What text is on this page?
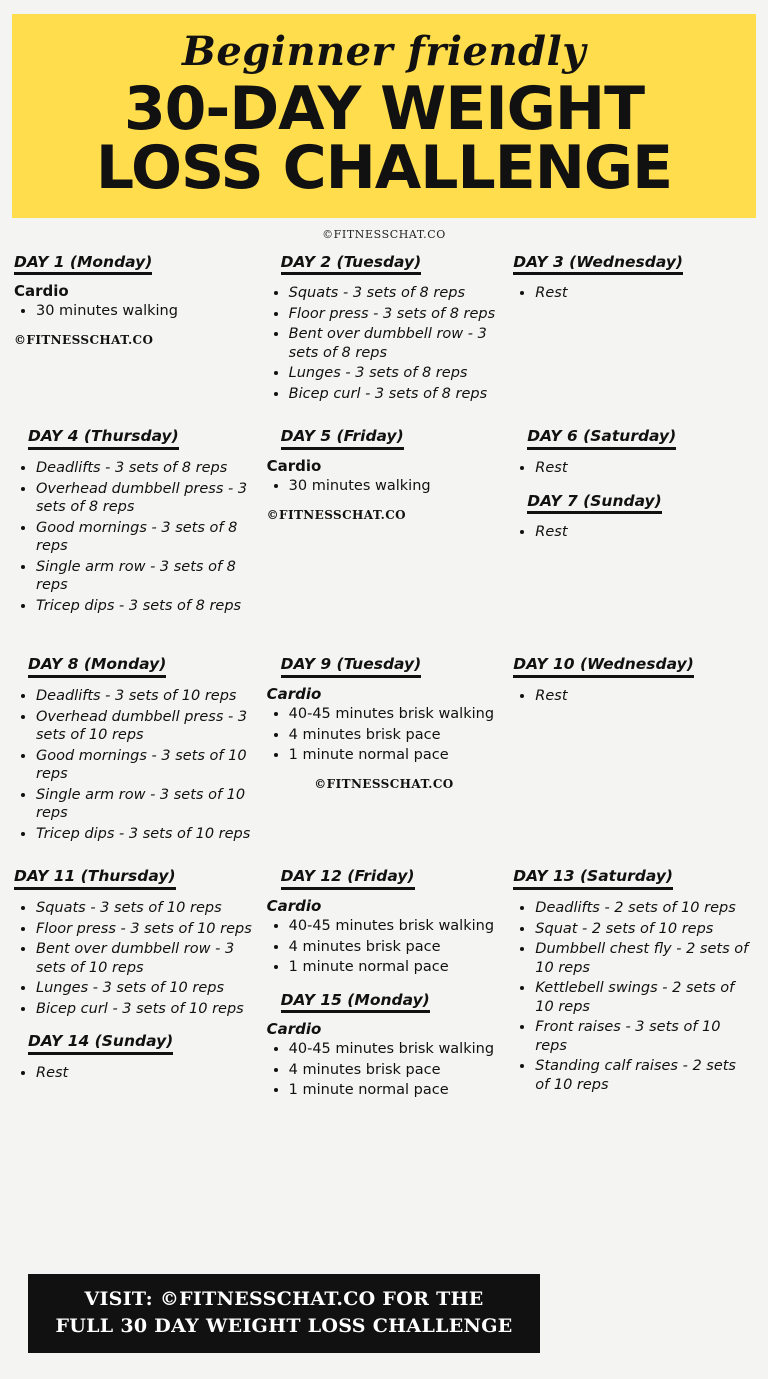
Beginner friendly
30-DAY WEIGHT
LOSS CHALLENGE
©FITNESSCHAT.CO
DAY 1 (Monday)
Cardio
• 30 minutes walking
©FITNESSCHAT.CO
DAY 2 (Tuesday)
• Squats - 3 sets of 8 reps
• Floor press - 3 sets of 8 reps
• Bent over dumbbell row - 3 sets of 8 reps
• Lunges - 3 sets of 8 reps
• Bicep curl - 3 sets of 8 reps
DAY 3 (Wednesday)
• Rest
DAY 4 (Thursday)
• Deadlifts - 3 sets of 8 reps
• Overhead dumbbell press - 3 sets of 8 reps
• Good mornings - 3 sets of 8 reps
• Single arm row - 3 sets of 8 reps
• Tricep dips - 3 sets of 8 reps
DAY 5 (Friday)
Cardio
• 30 minutes walking
©FITNESSCHAT.CO
DAY 6 (Saturday)
• Rest
DAY 7 (Sunday)
• Rest
DAY 8 (Monday)
• Deadlifts - 3 sets of 10 reps
• Overhead dumbbell press - 3 sets of 10 reps
• Good mornings - 3 sets of 10 reps
• Single arm row - 3 sets of 10 reps
• Tricep dips - 3 sets of 10 reps
DAY 9 (Tuesday)
Cardio
• 40-45 minutes brisk walking
• 4 minutes brisk pace
• 1 minute normal pace
©FITNESSCHAT.CO
DAY 10 (Wednesday)
• Rest
DAY 11 (Thursday)
• Squats - 3 sets of 10 reps
• Floor press - 3 sets of 10 reps
• Bent over dumbbell row - 3 sets of 10 reps
• Lunges - 3 sets of 10 reps
• Bicep curl - 3 sets of 10 reps
DAY 14 (Sunday)
• Rest
DAY 12 (Friday)
Cardio
• 40-45 minutes brisk walking
• 4 minutes brisk pace
• 1 minute normal pace
DAY 15 (Monday)
Cardio
• 40-45 minutes brisk walking
• 4 minutes brisk pace
• 1 minute normal pace
DAY 13 (Saturday)
• Deadlifts - 2 sets of 10 reps
• Squat - 2 sets of 10 reps
• Dumbbell chest fly - 2 sets of 10 reps
• Kettlebell swings - 2 sets of 10 reps
• Front raises - 3 sets of 10 reps
• Standing calf raises - 2 sets of 10 reps
VISIT: ©FITNESSCHAT.CO FOR THE
FULL 30 DAY WEIGHT LOSS CHALLENGE
